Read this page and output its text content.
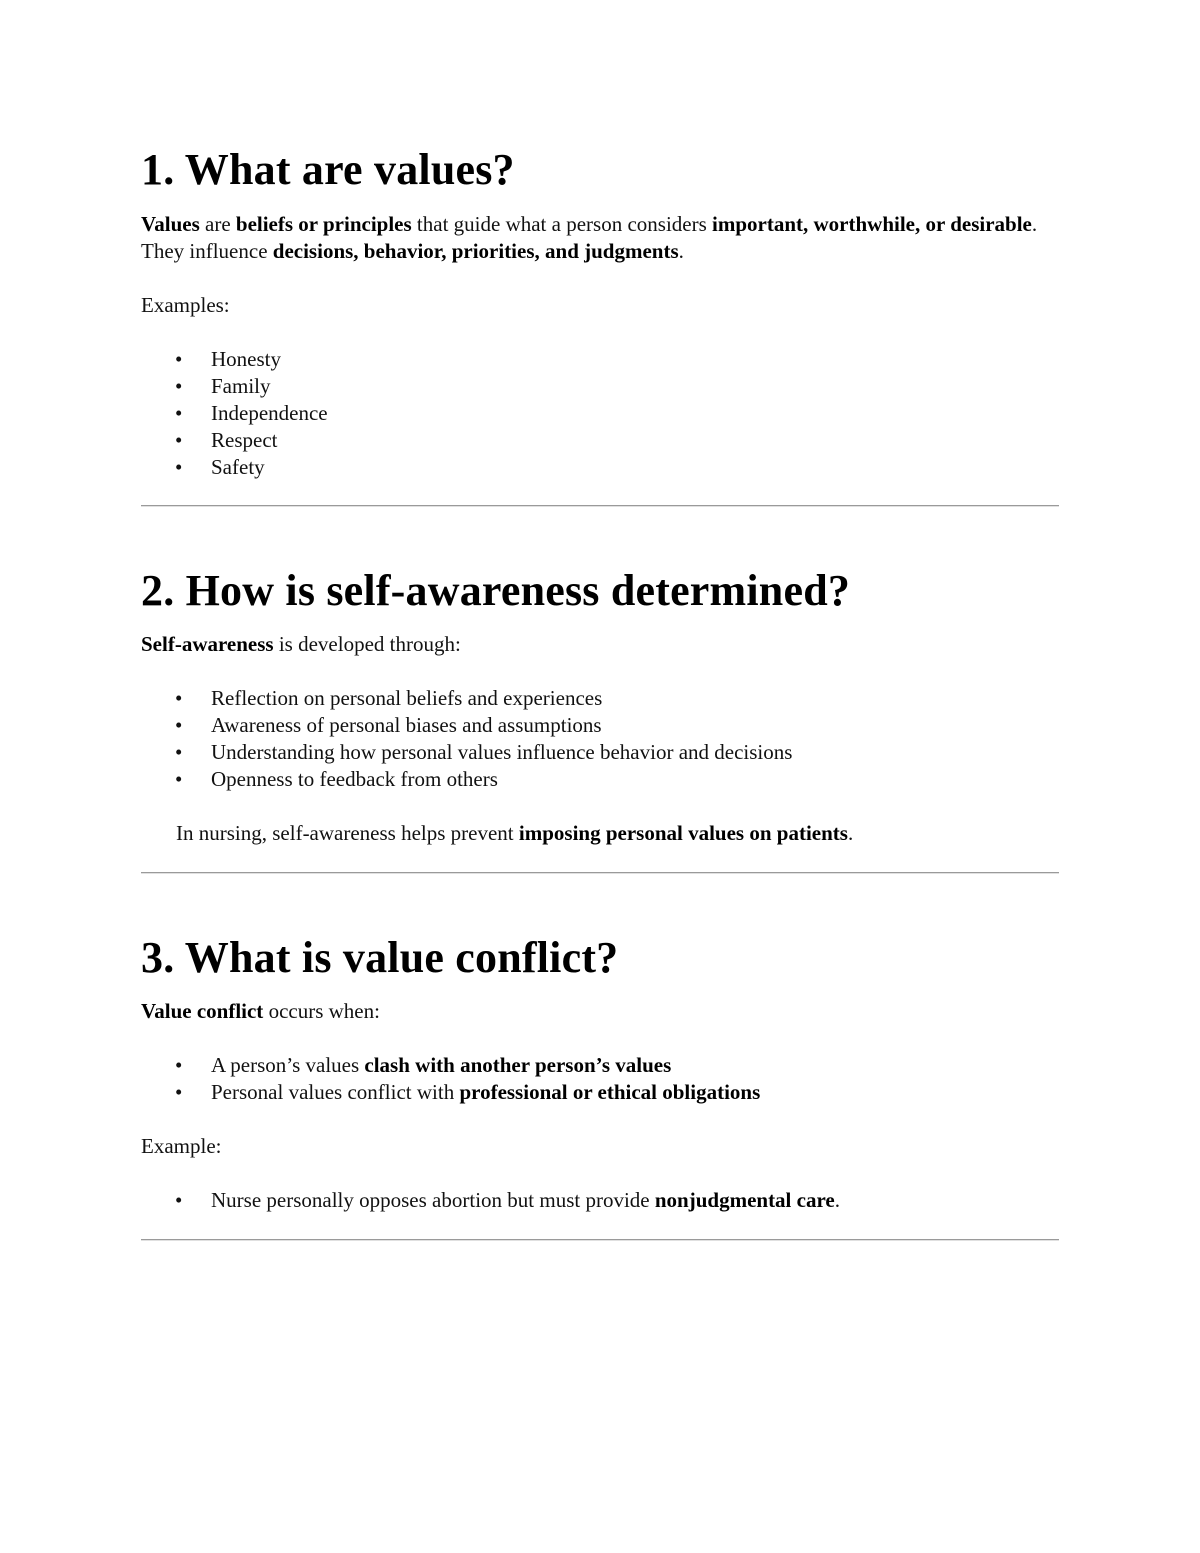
1. What are values?

Values are beliefs or principles that guide what a person considers important, worthwhile, or desirable.

They influence decisions, behavior, priorities, and judgments.

Examples:

• Honesty
• Family
• Independence
• Respect
• Safety
2. How is self-awareness determined?

Self-awareness is developed through:

• Reflection on personal beliefs and experiences
• Awareness of personal biases and assumptions
• Understanding how personal values influence behavior and decisions
• Openness to feedback from others

In nursing, self-awareness helps prevent imposing personal values on patients.

3. What is value conflict?

Value conflict occurs when:

• A person’s values clash with another person’s values
• Personal values conflict with professional or ethical obligations

Example:

• Nurse personally opposes abortion but must provide nonjudgmental care.
